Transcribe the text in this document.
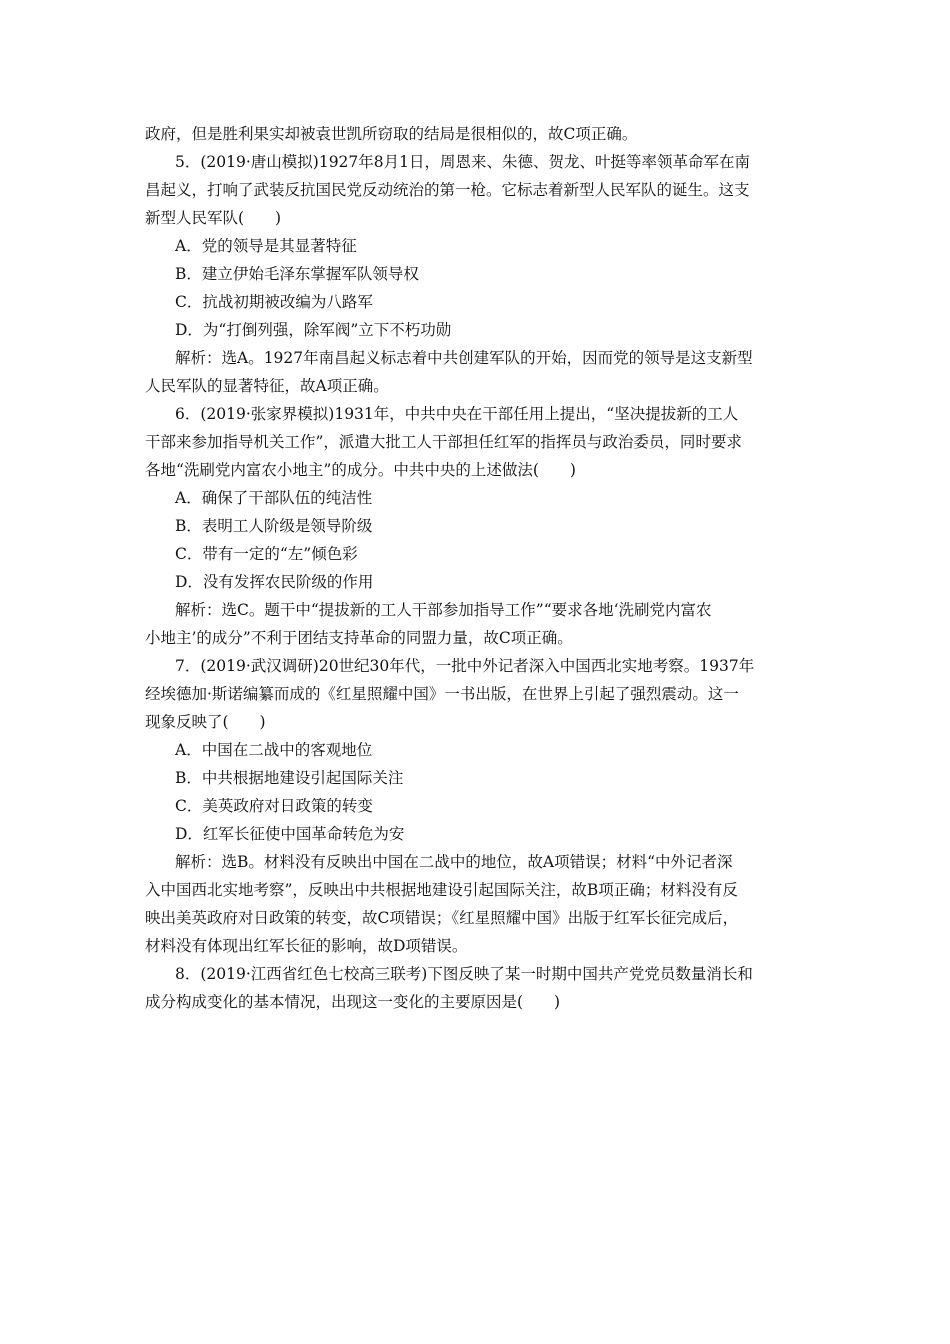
政府，但是胜利果实却被袁世凯所窃取的结局是很相似的，故C项正确。
5．(2019·唐山模拟)1927年8月1日，周恩来、朱德、贺龙、叶挺等率领革命军在南
昌起义，打响了武装反抗国民党反动统治的第一枪。它标志着新型人民军队的诞生。这支
新型人民军队(　　)
A．党的领导是其显著特征
B．建立伊始毛泽东掌握军队领导权
C．抗战初期被改编为八路军
D．为“打倒列强，除军阀”立下不朽功勋
解析：选A。1927年南昌起义标志着中共创建军队的开始，因而党的领导是这支新型
人民军队的显著特征，故A项正确。
6．(2019·张家界模拟)1931年，中共中央在干部任用上提出，“坚决提拔新的工人
干部来参加指导机关工作”，派遣大批工人干部担任红军的指挥员与政治委员，同时要求
各地“洗刷党内富农小地主”的成分。中共中央的上述做法(　　)
A．确保了干部队伍的纯洁性
B．表明工人阶级是领导阶级
C．带有一定的“左”倾色彩
D．没有发挥农民阶级的作用
解析：选C。题干中“提拔新的工人干部参加指导工作”“要求各地‘洗刷党内富农
小地主’的成分”不利于团结支持革命的同盟力量，故C项正确。
7．(2019·武汉调研)20世纪30年代，一批中外记者深入中国西北实地考察。1937年
经埃德加·斯诺编纂而成的《红星照耀中国》一书出版，在世界上引起了强烈震动。这一
现象反映了(　　)
A．中国在二战中的客观地位
B．中共根据地建设引起国际关注
C．美英政府对日政策的转变
D．红军长征使中国革命转危为安
解析：选B。材料没有反映出中国在二战中的地位，故A项错误；材料“中外记者深
入中国西北实地考察”，反映出中共根据地建设引起国际关注，故B项正确；材料没有反
映出美英政府对日政策的转变，故C项错误；《红星照耀中国》出版于红军长征完成后，
材料没有体现出红军长征的影响，故D项错误。
8．(2019·江西省红色七校高三联考)下图反映了某一时期中国共产党党员数量消长和
成分构成变化的基本情况，出现这一变化的主要原因是(　　)
